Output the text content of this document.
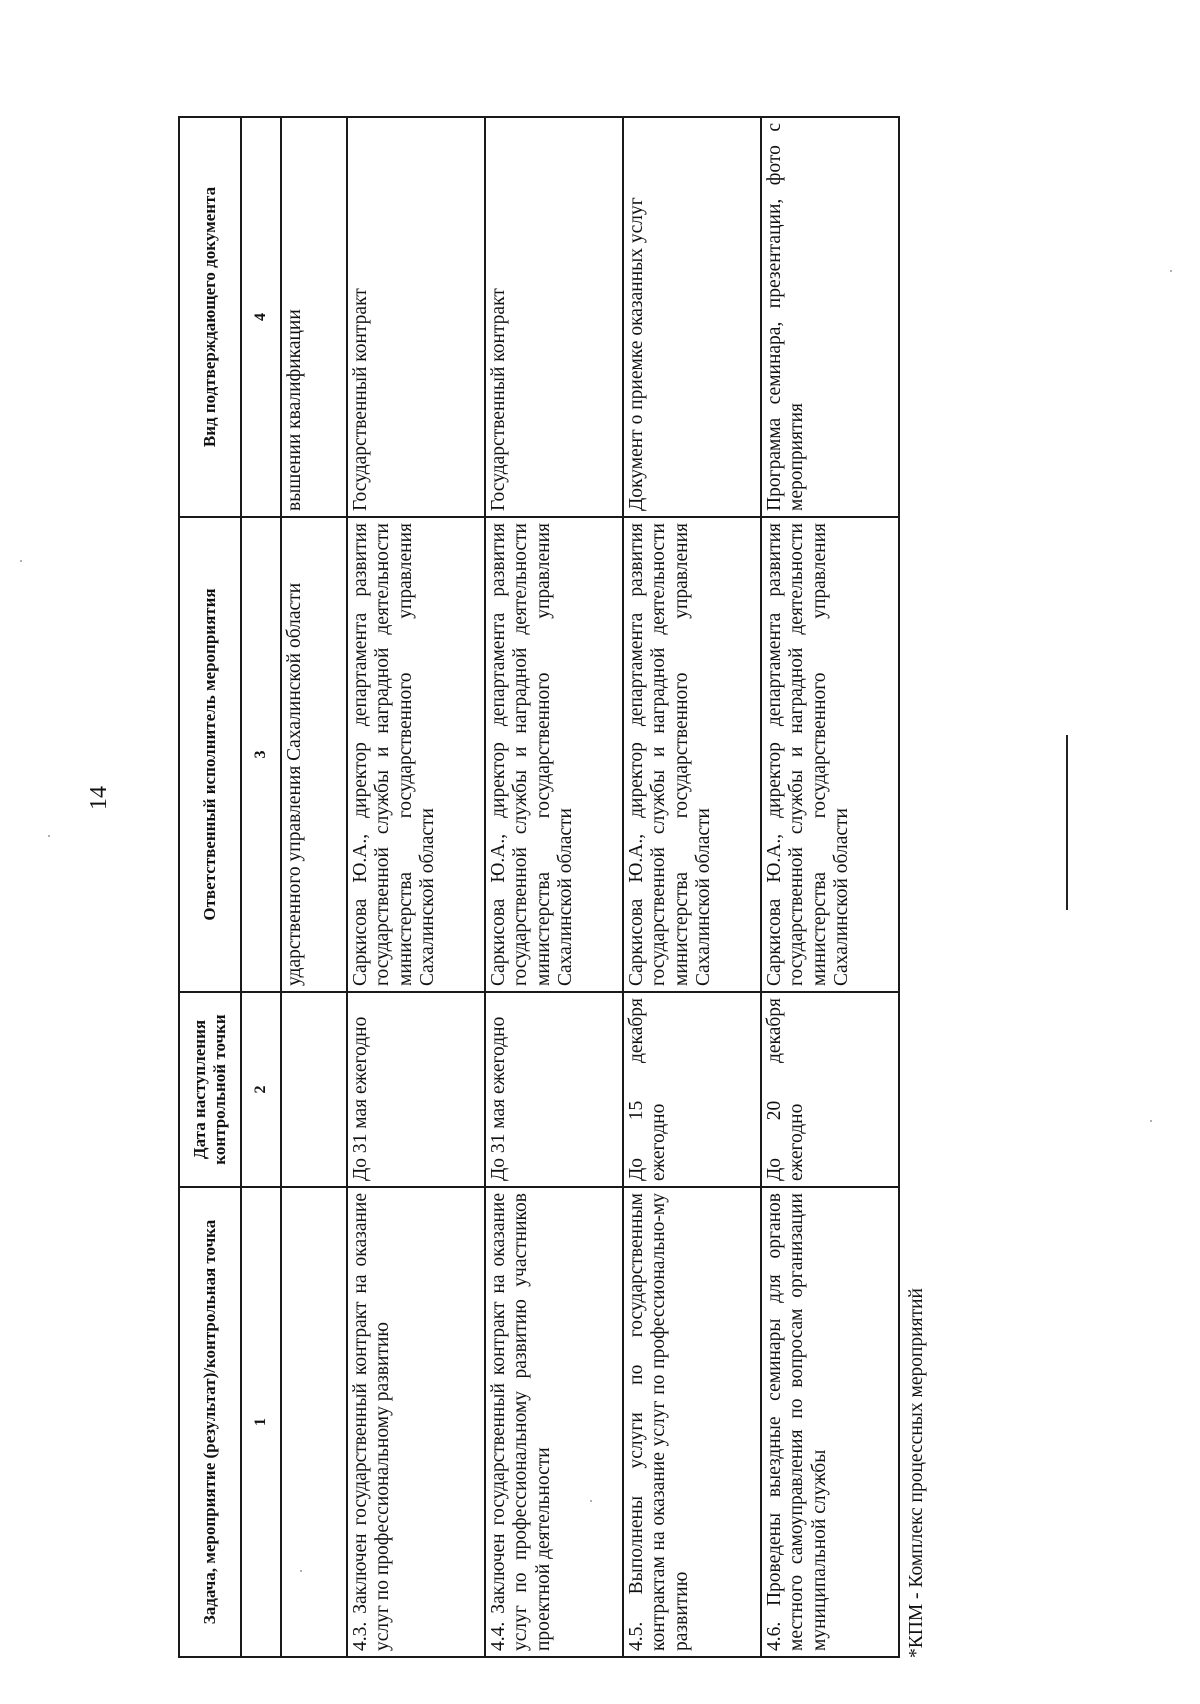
14
Задача, мероприятие (результат)/контрольная точка	Дата наступления контрольной точки	Ответственный исполнитель мероприятия	Вид подтверждающего документа
1	2	3	4
		ударственного управления Сахалинской области	вышении квалификации
4.3. Заключен государственный контракт на оказание услуг по профессиональному развитию	До 31 мая ежегодно	Саркисова Ю.А., директор департамента развития государственной службы и наградной деятельности министерства государственного управления Сахалинской области	Государственный контракт
4.4. Заключен государственный контракт на оказание услуг по профессиональному развитию участников проектной деятельности	До 31 мая ежегодно	Саркисова Ю.А., директор департамента развития государственной службы и наградной деятельности министерства государственного управления Сахалинской области	Государственный контракт
4.5. Выполнены услуги по государственным контрактам на оказание услуг по профессионально-му развитию	До 15 декабря ежегодно	Саркисова Ю.А., директор департамента развития государственной службы и наградной деятельности министерства государственного управления Сахалинской области	Документ о приемке оказанных услуг
4.6. Проведены выездные семинары для органов местного самоуправления по вопросам организации муниципальной службы	До 20 декабря ежегодно	Саркисова Ю.А., директор департамента развития государственной службы и наградной деятельности министерства государственного управления Сахалинской области	Программа семинара, презентации, фото с мероприятия
*КПМ - Комплекс процессных мероприятий
